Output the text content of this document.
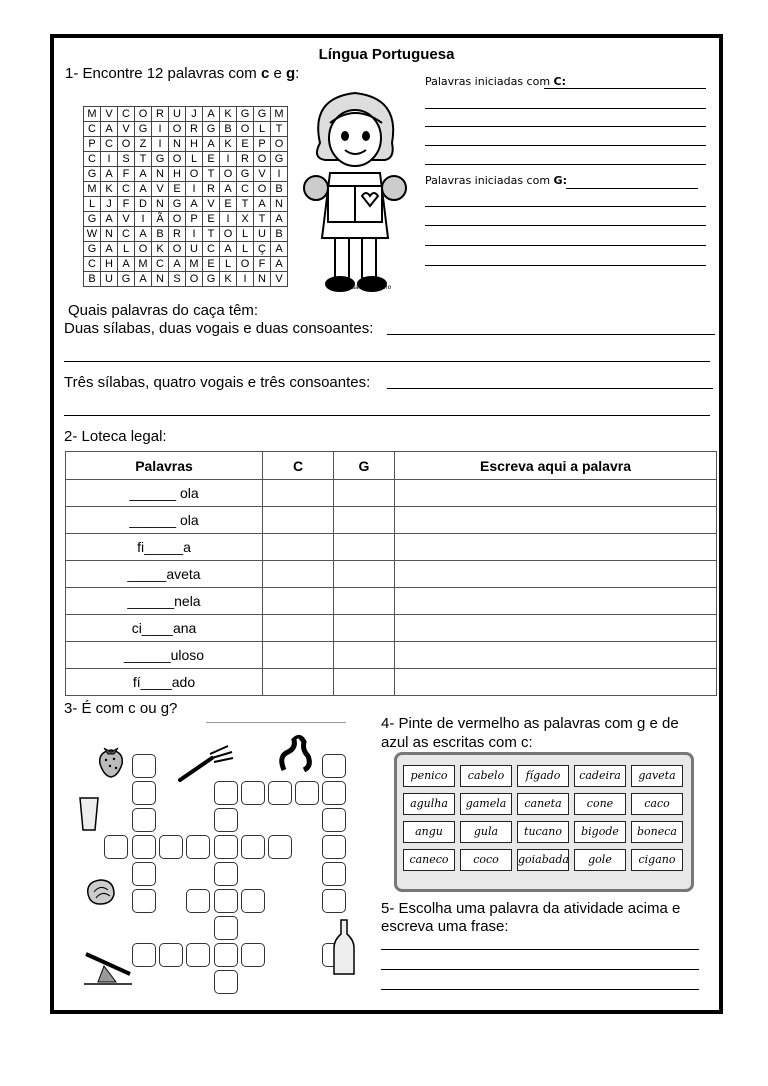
Língua Portuguesa
1- Encontre 12 palavras com c e g:
M	V	C	O	R	U	J	A	K	G	G	M
C	A	V	G	I	O	R	G	B	O	L	T
P	C	O	Z	I	N	H	A	K	E	P	O
C	I	S	T	G	O	L	E	I	R	O	G
G	A	F	A	N	H	O	T	O	G	V	I
M	K	C	A	V	E	I	R	A	C	O	B
L	J	F	D	N	G	A	V	E	T	A	N
G	A	V	I	Ã	O	P	E	I	X	T	A
W	N	C	A	B	R	I	T	O	L	U	B
G	A	L	O	K	O	U	C	A	L	Ç	A
C	H	A	M	C	A	M	E	L	O	F	A
B	U	G	A	N	S	O	G	K	I	N	V
@AtividadesSuzano
Palavras iniciadas com C:
Palavras iniciadas com G:
Quais palavras do caça têm:
Duas sílabas, duas vogais e duas consoantes:
Três sílabas, quatro vogais e três consoantes:
2- Loteca legal:
Palavras	C	G	Escreva aqui a palavra
______ ola			
______ ola			
fi_____a			
_____aveta			
______nela			
ci____ana			
______uloso			
fí____ado			
3- É com c ou g?
4- Pinte de vermelho as palavras com g e de azul as escritas com c:
penico	cabelo	fígado	cadeira	gaveta
agulha	gamela	caneta	cone	caco
angu	gula	tucano	bigode	boneca
caneco	coco	goiabada	gole	cigano
5- Escolha uma palavra da atividade acima e escreva uma frase:
